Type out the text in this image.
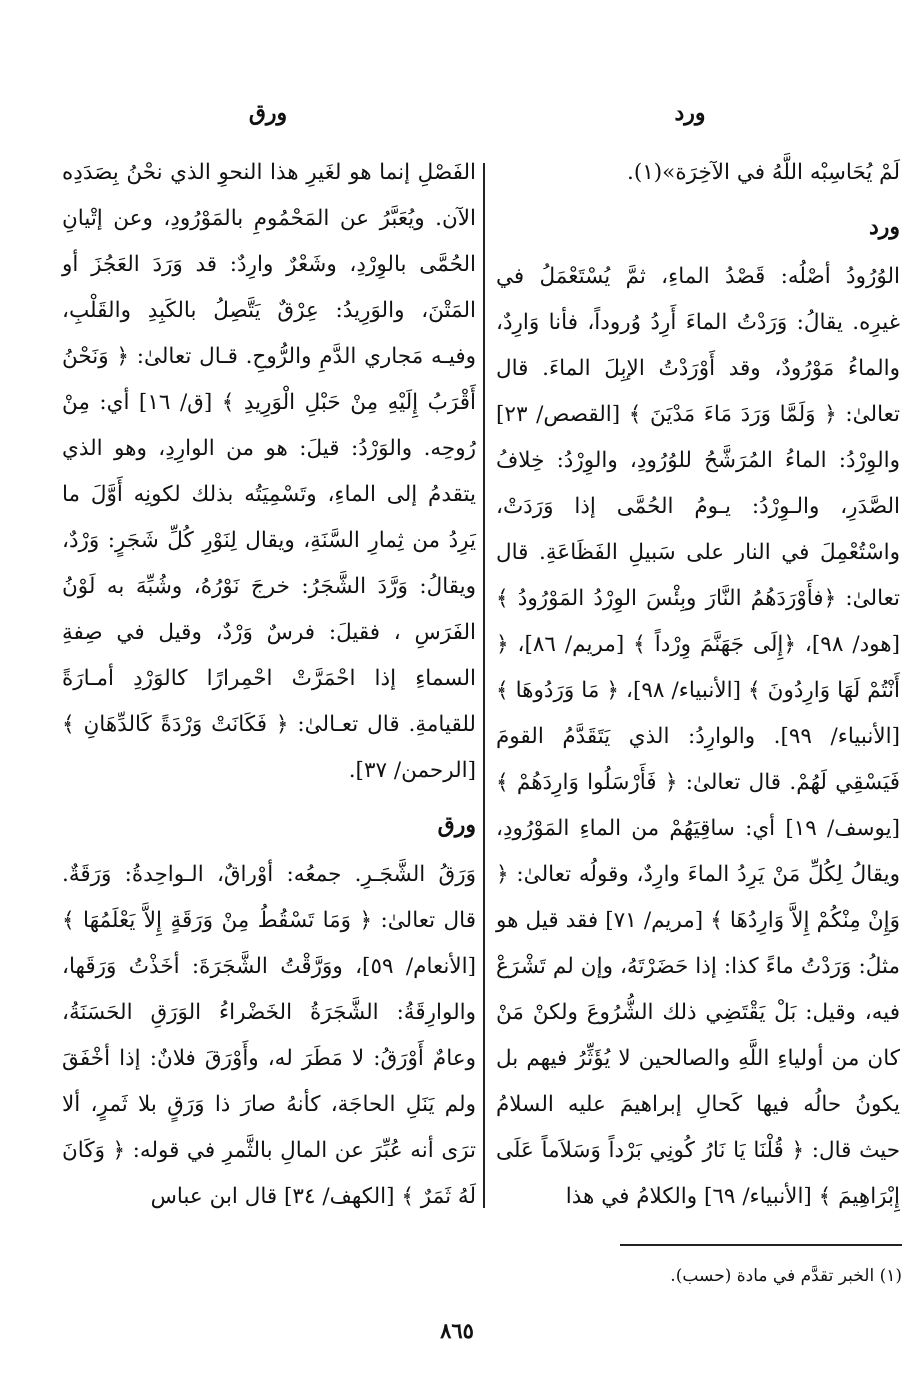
ورد
ورق

لَمْ يُحَاسِبْه اللَّهُ في الآخِرَة»(١).

ورد

الوُرُودُ أصْلُه: قَصْدُ الماءِ، ثمَّ يُسْتَعْمَلُ في غيرِه. يقالُ: وَرَدْتُ الماءَ أَرِدُ وُروداً، فأنا وَارِدٌ، والماءُ مَوْرُودٌ، وقد أَوْرَدْتُ الإبِلَ الماءَ. قال تعالىٰ: ﴿ وَلَمَّا وَرَدَ مَاءَ مَدْيَنَ ﴾ [القصص/ ٢٣] والوِرْدُ: الماءُ المُرَشَّحُ للوُرُودِ، والوِرْدُ: خِلافُ الصَّدَرِ، والـوِرْدُ: يـومُ الحُمَّى إذا وَرَدَتْ، واسْتُعْمِلَ في النار على سَبيلِ الفَظَاعَةِ. قال تعالىٰ: ﴿فأَوْرَدَهُمُ النَّارَ وبِئْسَ الوِرْدُ المَوْرُودُ ﴾ [هود/ ٩٨]، ﴿إِلَى جَهَنَّمَ وِرْداً ﴾ [مريم/ ٨٦]، ﴿ أَنْتُمْ لَهَا وَارِدُونَ ﴾ [الأنبياء/ ٩٨]، ﴿ مَا وَرَدُوهَا ﴾ [الأنبياء/ ٩٩]. والوارِدُ: الذي يَتَقَدَّمُ القومَ فَيَسْقِي لَهُمْ. قال تعالىٰ: ﴿ فَأَرْسَلُوا وَارِدَهُمْ ﴾ [يوسف/ ١٩] أي: ساقِيَهُمْ من الماءِ المَوْرُودِ، ويقالُ لِكُلِّ مَنْ يَرِدُ الماءَ وارِدٌ، وقولُه تعالىٰ: ﴿ وَإِنْ مِنْكُمْ إِلاَّ وَارِدُهَا ﴾ [مريم/ ٧١] فقد قيل هو مثلُ: وَرَدْتُ ماءً كذا: إذا حَضَرْتَهُ، وإن لم تَشْرَعْ فيه، وقيل: بَلْ يَقْتَضِي ذلك الشُّرُوعَ ولكنْ مَنْ كان من أولياءِ اللَّهِ والصالحين لا يُؤَثِّرُ فيهم بل يكونُ حالُه فيها كَحالِ إبراهيمَ عليه السلامُ حيث قال: ﴿ قُلْنَا يَا نَارُ كُونِي بَرْداً وَسَلاَماً عَلَى إِبْرَاهِيمَ ﴾ [الأنبياء/ ٦٩] والكلامُ في هذا

الفَصْلِ إنما هو لغَيرِ هذا النحوِ الذي نحْنُ بِصَدَدِه الآن. ويُعَبَّرُ عن المَحْمُومِ بالمَوْرُودِ، وعن إتْيانِ الحُمَّى بالوِرْدِ، وشَعْرٌ وارِدٌ: قد وَرَدَ العَجُزَ أو المَتْنَ، والوَرِيدُ: عِرْقٌ يَتَّصِلُ بالكَبِدِ والقَلْبِ، وفيـه مَجاري الدَّمِ والرُّوحِ. قـال تعالىٰ: ﴿ وَنَحْنُ أَقْرَبُ إِلَيْهِ مِنْ حَبْلِ الْوَرِيدِ ﴾ [ق/ ١٦] أي: مِنْ رُوحِه. والوَرْدُ: قيلَ: هو من الوارِدِ، وهو الذي يتقدمُ إلى الماءِ، وتَسْمِيَتُه بذلك لكونِه أَوَّلَ ما يَرِدُ من ثِمارِ السَّنَةِ، ويقال لِنَوْرِ كُلِّ شَجَرٍ: وَرْدٌ، ويقالُ: وَرَّدَ الشَّجَرُ: خرجَ نَوْرُهُ، وشُبِّهَ به لَوْنُ الفَرَسِ ، فقيلَ: فرسٌ وَرْدٌ، وقيل في صِفةِ السماءِ إذا احْمَرَّتْ احْمِرارًا كالوَرْدِ أمـارَةً للقيامةِ. قال تعـالىٰ: ﴿ فَكَانَتْ وَرْدَةً كَالدِّهَانِ ﴾ [الرحمن/ ٣٧].

ورق

وَرَقُ الشَّجَـرِ. جمعُه: أوْراقٌ، الـواحِدةُ: وَرَقَةٌ. قال تعالىٰ: ﴿ وَمَا تَسْقُطُ مِنْ وَرَقَةٍ إِلاَّ يَعْلَمُهَا ﴾ [الأنعام/ ٥٩]، ووَرَّقْتُ الشَّجَرَةَ: أخَذْتُ وَرَقَها، والوارِقَةُ: الشَّجَرَةُ الخَضْراءُ الوَرَقِ الحَسَنَةُ، وعامٌ أَوْرَقُ: لا مَطَرَ له، وأَوْرَقَ فلانٌ: إذا أخْفَقَ ولم يَنَلِ الحاجَة، كأنهُ صارَ ذا وَرَقٍ بلا ثَمرٍ، ألا ترَى أنه عُبِّرَ عن المالِ بالثَّمرِ في قوله: ﴿ وَكَانَ لَهُ ثَمَرٌ ﴾ [الكهف/ ٣٤] قال ابن عباس

(١) الخبر تقدَّم في مادة (حسب).
٨٦٥
